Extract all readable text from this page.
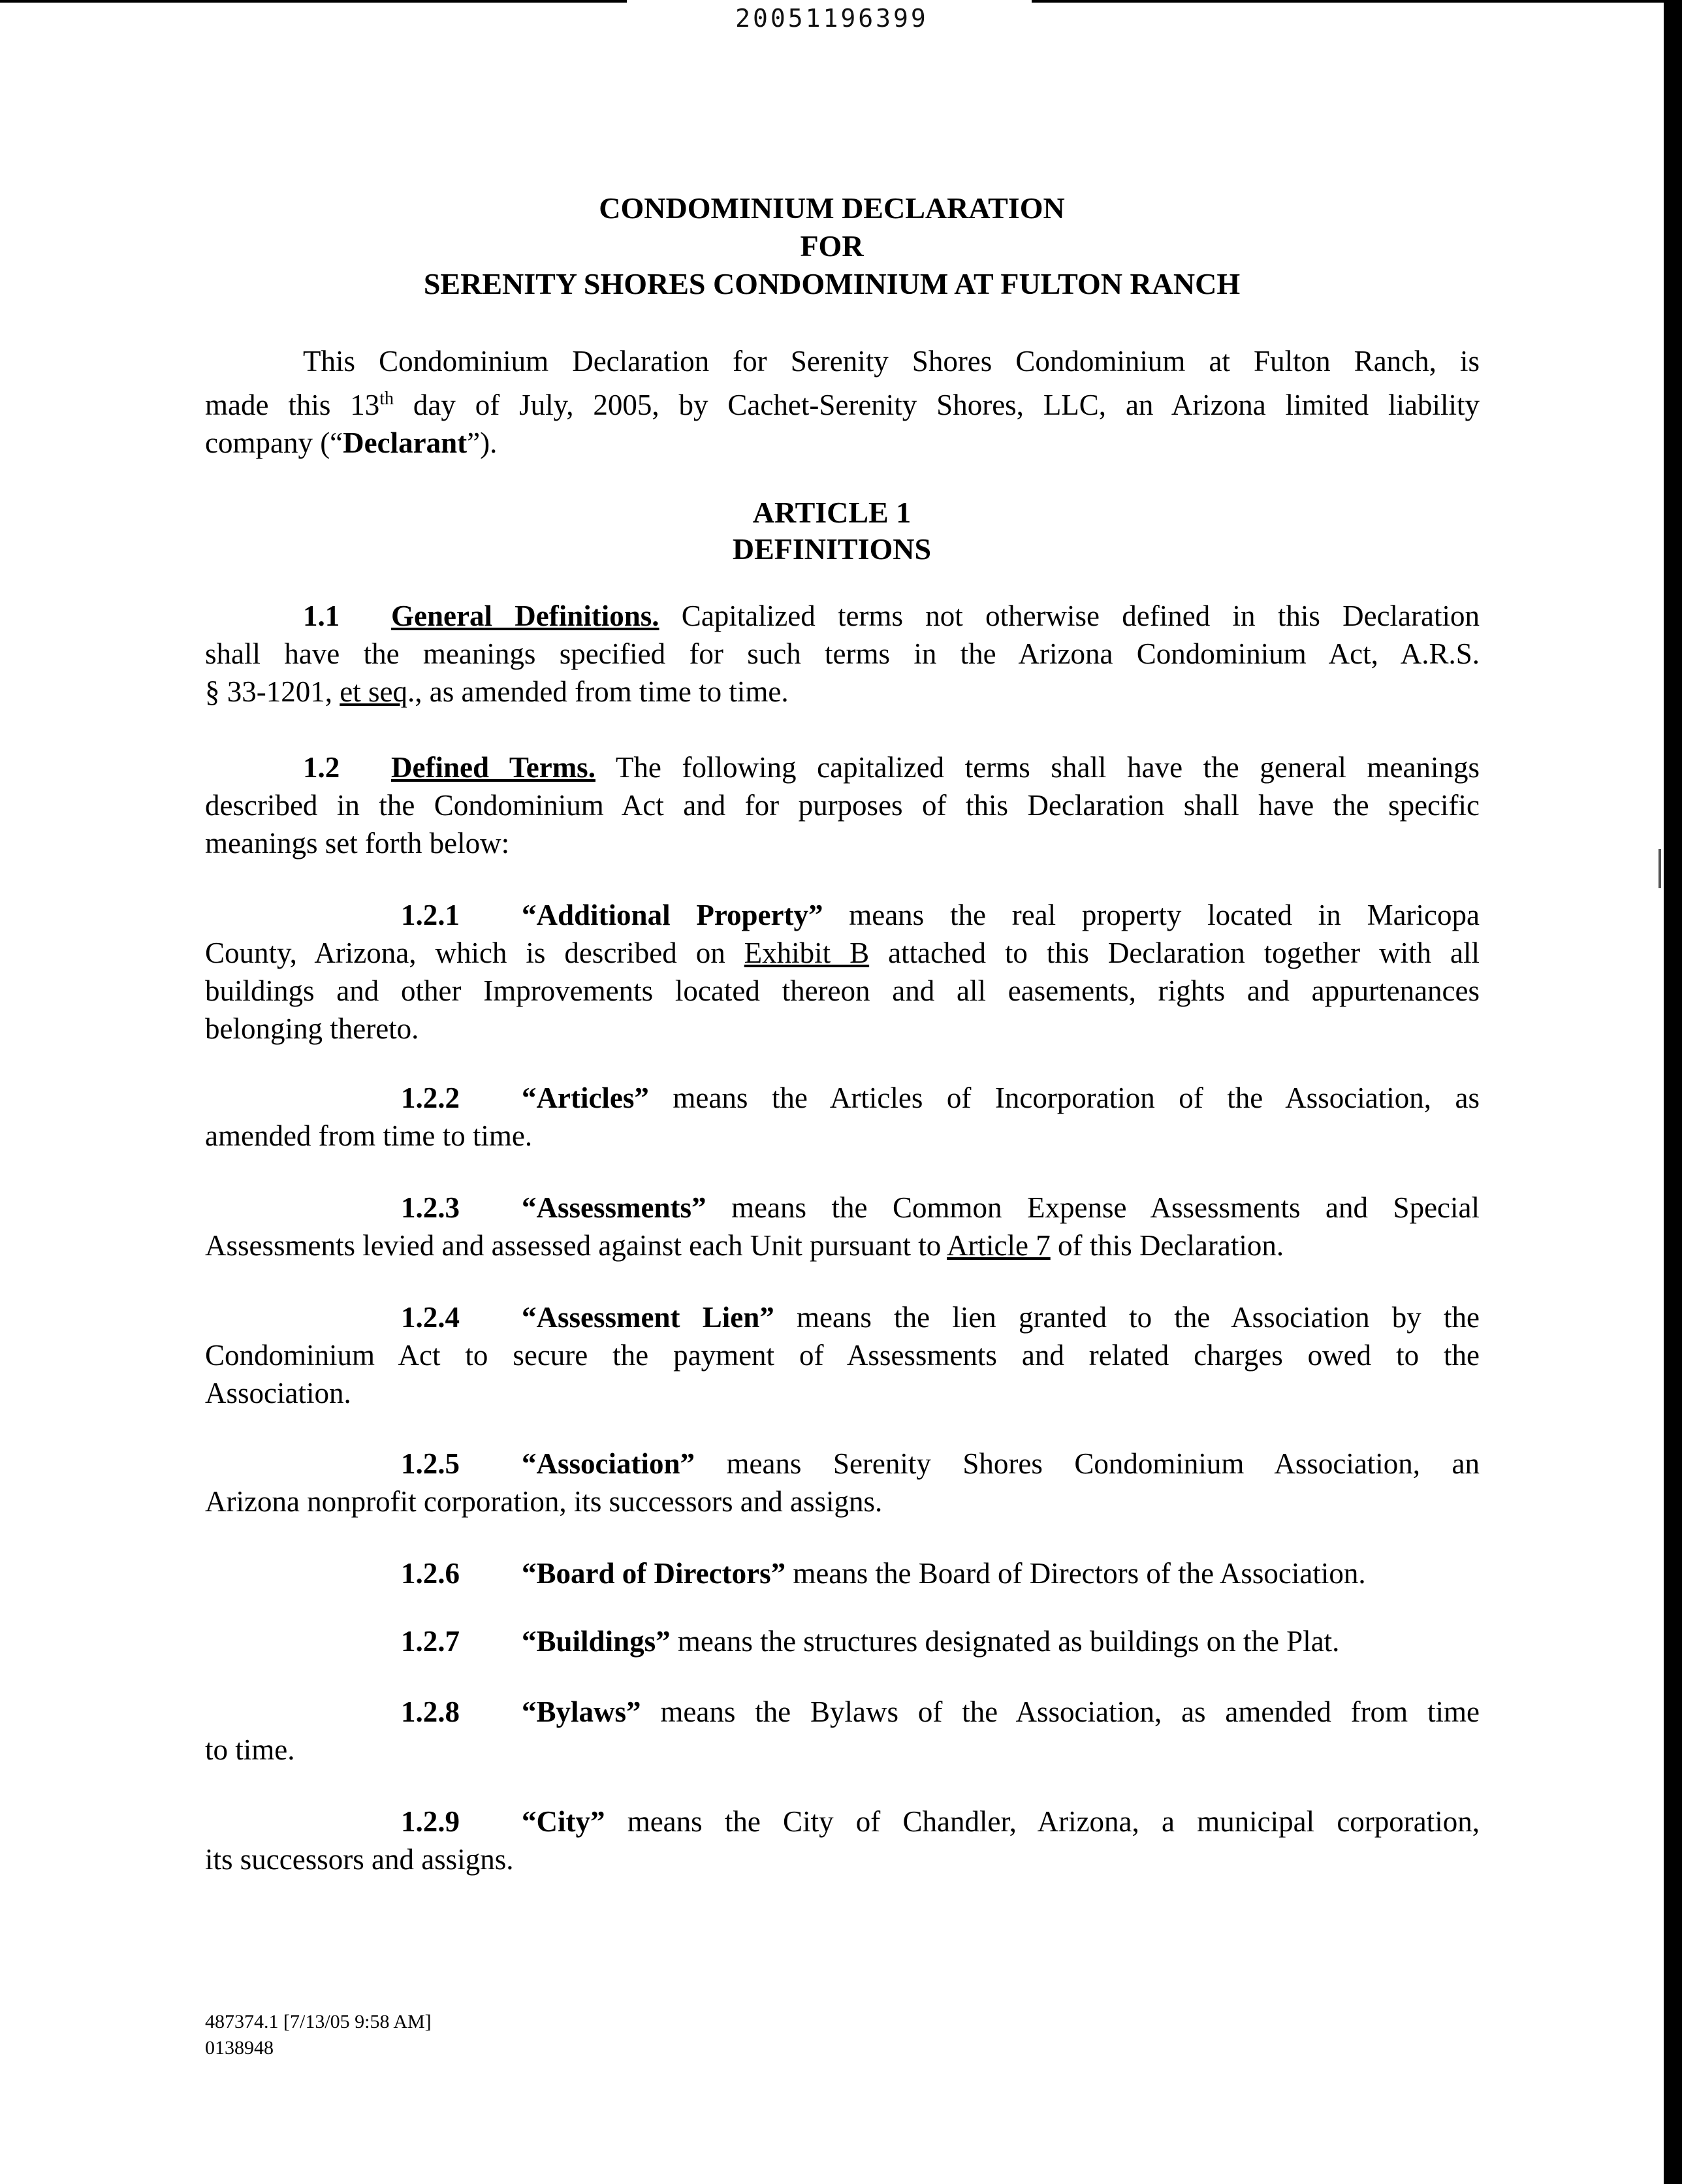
20051196399
CONDOMINIUM DECLARATION
FOR
SERENITY SHORES CONDOMINIUM AT FULTON RANCH
This Condominium Declaration for Serenity Shores Condominium at Fulton Ranch, is
made this 13th day of July, 2005, by Cachet-Serenity Shores, LLC, an Arizona limited liability
company (“Declarant”).
ARTICLE 1
DEFINITIONS
1.1 General Definitions. Capitalized terms not otherwise defined in this Declaration
shall have the meanings specified for such terms in the Arizona Condominium Act, A.R.S.
§ 33-1201, et seq., as amended from time to time.
1.2 Defined Terms. The following capitalized terms shall have the general meanings
described in the Condominium Act and for purposes of this Declaration shall have the specific
meanings set forth below:
1.2.1 “Additional Property” means the real property located in Maricopa
County, Arizona, which is described on Exhibit B attached to this Declaration together with all
buildings and other Improvements located thereon and all easements, rights and appurtenances
belonging thereto.
1.2.2 “Articles” means the Articles of Incorporation of the Association, as
amended from time to time.
1.2.3 “Assessments” means the Common Expense Assessments and Special
Assessments levied and assessed against each Unit pursuant to Article 7 of this Declaration.
1.2.4 “Assessment Lien” means the lien granted to the Association by the
Condominium Act to secure the payment of Assessments and related charges owed to the
Association.
1.2.5 “Association” means Serenity Shores Condominium Association, an
Arizona nonprofit corporation, its successors and assigns.
1.2.6 “Board of Directors” means the Board of Directors of the Association.
1.2.7 “Buildings” means the structures designated as buildings on the Plat.
1.2.8 “Bylaws” means the Bylaws of the Association, as amended from time
to time.
1.2.9 “City” means the City of Chandler, Arizona, a municipal corporation,
its successors and assigns.
487374.1 [7/13/05 9:58 AM]
0138948
